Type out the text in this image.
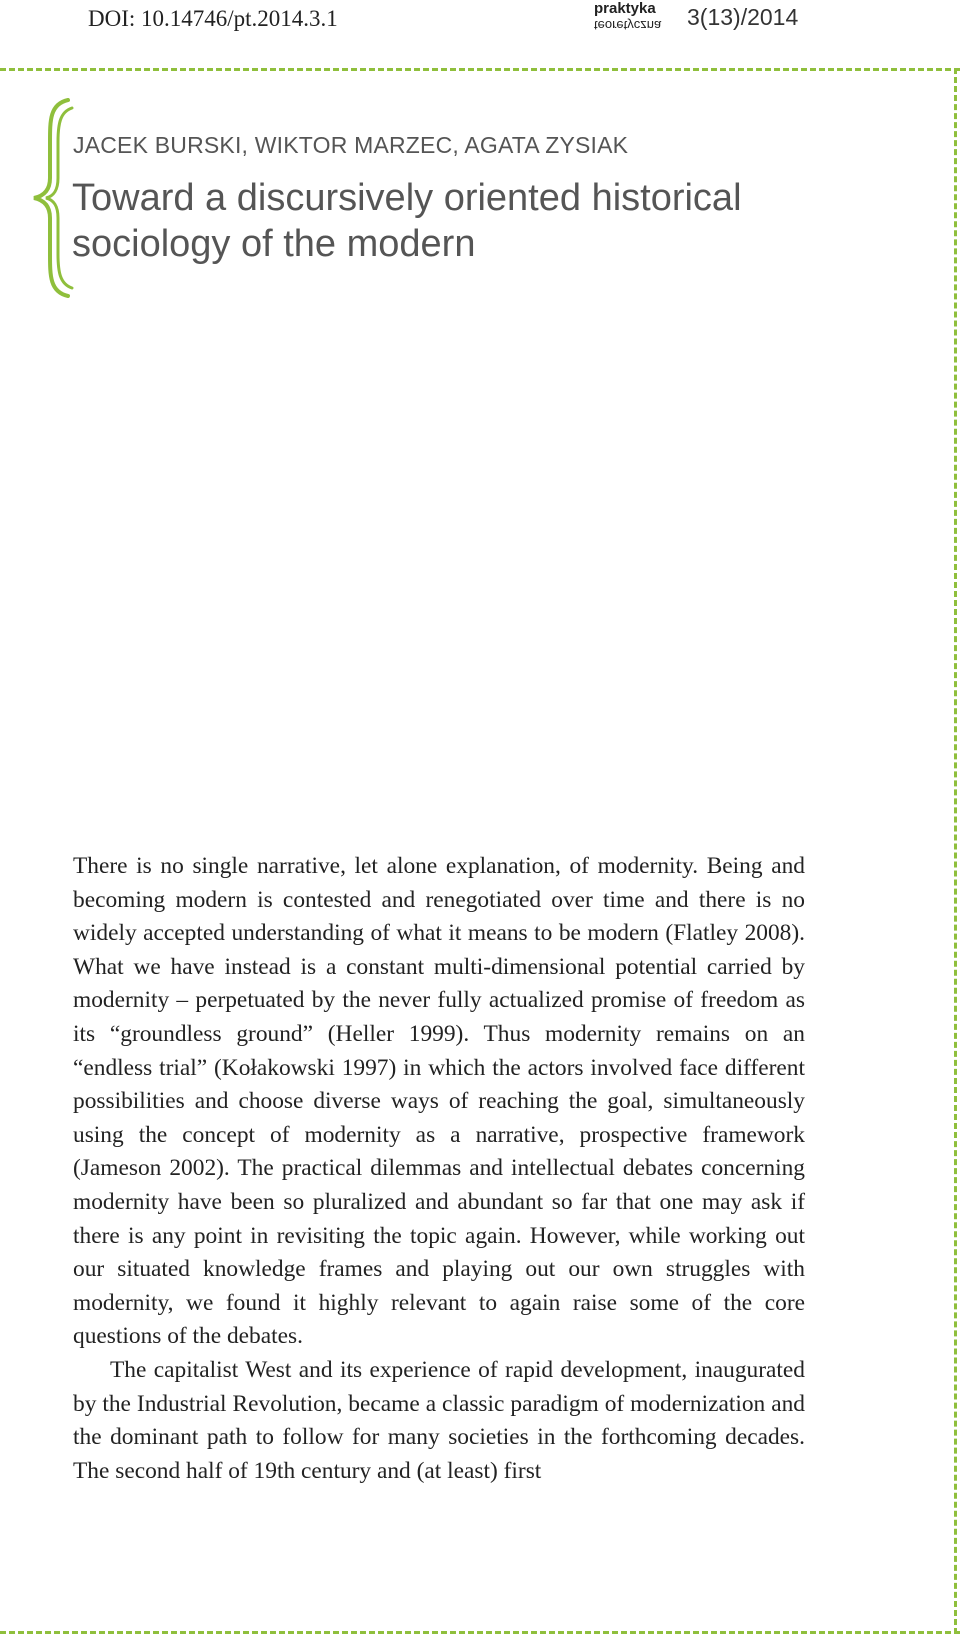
DOI: 10.14746/pt.2014.3.1	praktyka
teoretyczna 3(13)/2014
JACEK BURSKI, WIKTOR MARZEC, AGATA ZYSIAK
Toward a discursively oriented historical sociology of the modern

There is no single narrative, let alone explanation, of modernity. Being and becoming modern is contested and renegotiated over time and there is no widely accepted understanding of what it means to be modern (Flatley 2008). What we have instead is a constant multi-dimensional potential carried by modernity – perpetuated by the never fully actualized promise of freedom as its “groundless ground” (Heller 1999). Thus modernity remains on an “endless trial” (Kołakowski 1997) in which the actors involved face different possibilities and choose diverse ways of reaching the goal, simultaneously using the concept of modernity as a narrative, prospective framework (Jameson 2002). The practical dilemmas and intellectual debates concerning modernity have been so pluralized and abundant so far that one may ask if there is any point in revisiting the topic again. However, while working out our situated knowledge frames and playing out our own struggles with modernity, we found it highly relevant to again raise some of the core questions of the debates.

The capitalist West and its experience of rapid development, inaugurated by the Industrial Revolution, became a classic paradigm of modernization and the dominant path to follow for many societies in the forthcoming decades. The second half of 19th century and (at least) first
